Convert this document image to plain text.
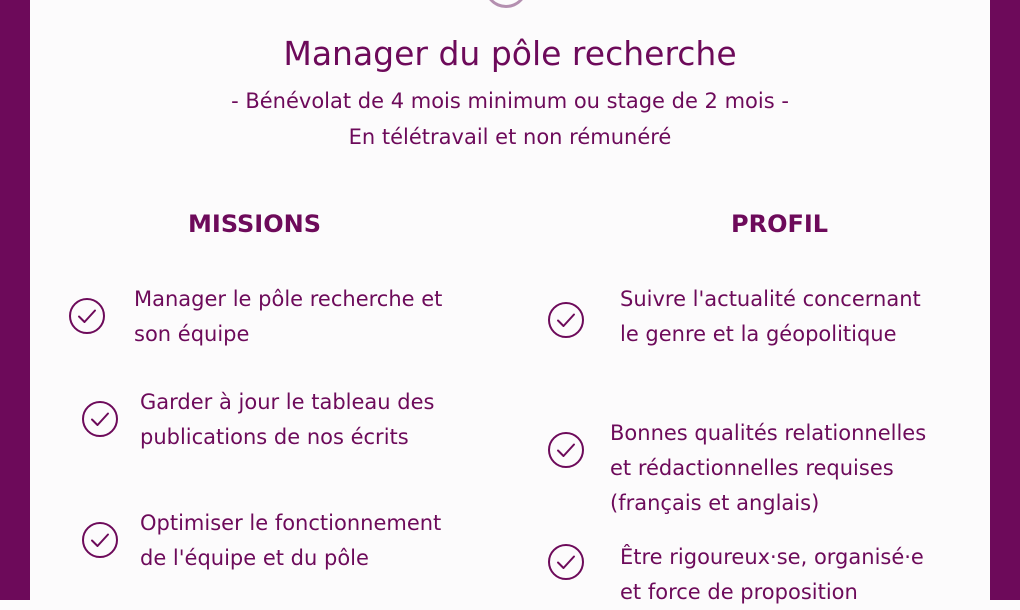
Manager du pôle recherche
- Bénévolat de 4 mois minimum ou stage de 2 mois -
En télétravail et non rémunéré
MISSIONS	PROFIL
Manager le pôle recherche et
son équipe
Garder à jour le tableau des
publications de nos écrits
Optimiser le fonctionnement
de l'équipe et du pôle
Suivre l'actualité concernant
le genre et la géopolitique
Bonnes qualités relationnelles
et rédactionnelles requises
(français et anglais)
Être rigoureux·se, organisé·e
et force de proposition
